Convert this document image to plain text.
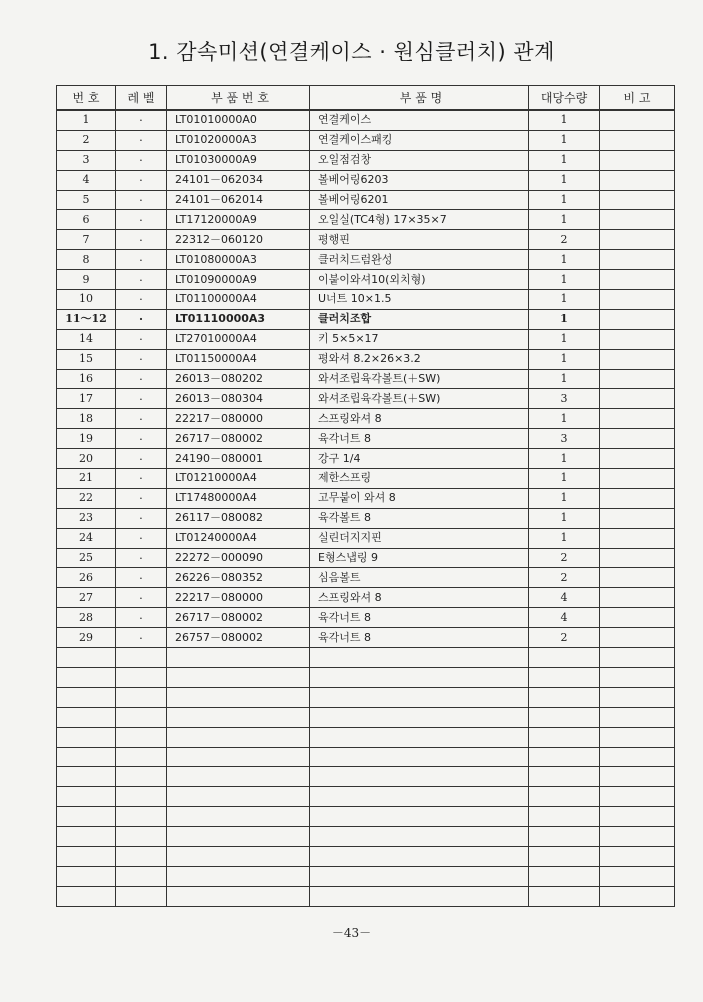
1. 감속미션(연결케이스 · 원심클러치) 관계
번 호	레 벨	부 품 번 호	부 품 명	대당수량	비 고
1	·	LT01010000A0	연결케이스	1	
2	·	LT01020000A3	연결케이스패킹	1	
3	·	LT01030000A9	오일점검창	1	
4	·	24101－062034	볼베어링6203	1	
5	·	24101－062014	볼베어링6201	1	
6	·	LT17120000A9	오일실(TC4형) 17×35×7	1	
7	·	22312－060120	평행핀	2	
8	·	LT01080000A3	클러치드럼완성	1	
9	·	LT01090000A9	이붙이와셔10(외치형)	1	
10	·	LT01100000A4	U너트 10×1.5	1	
11～12	·	LT01110000A3	클러치조합	1	
14	·	LT27010000A4	키 5×5×17	1	
15	·	LT01150000A4	평와셔 8.2×26×3.2	1	
16	·	26013－080202	와셔조립육각볼트(＋SW)	1	
17	·	26013－080304	와셔조립육각볼트(＋SW)	3	
18	·	22217－080000	스프링와셔 8	1	
19	·	26717－080002	육각너트 8	3	
20	·	24190－080001	강구 1/4	1	
21	·	LT01210000A4	제한스프링	1	
22	·	LT17480000A4	고무붙이 와셔 8	1	
23	·	26117－080082	육각볼트 8	1	
24	·	LT01240000A4	실린더지지핀	1	
25	·	22272－000090	E형스냅링 9	2	
26	·	26226－080352	심음볼트	2	
27	·	22217－080000	스프링와셔 8	4	
28	·	26717－080002	육각너트 8	4	
29	·	26757－080002	육각너트 8	2	

－43－
